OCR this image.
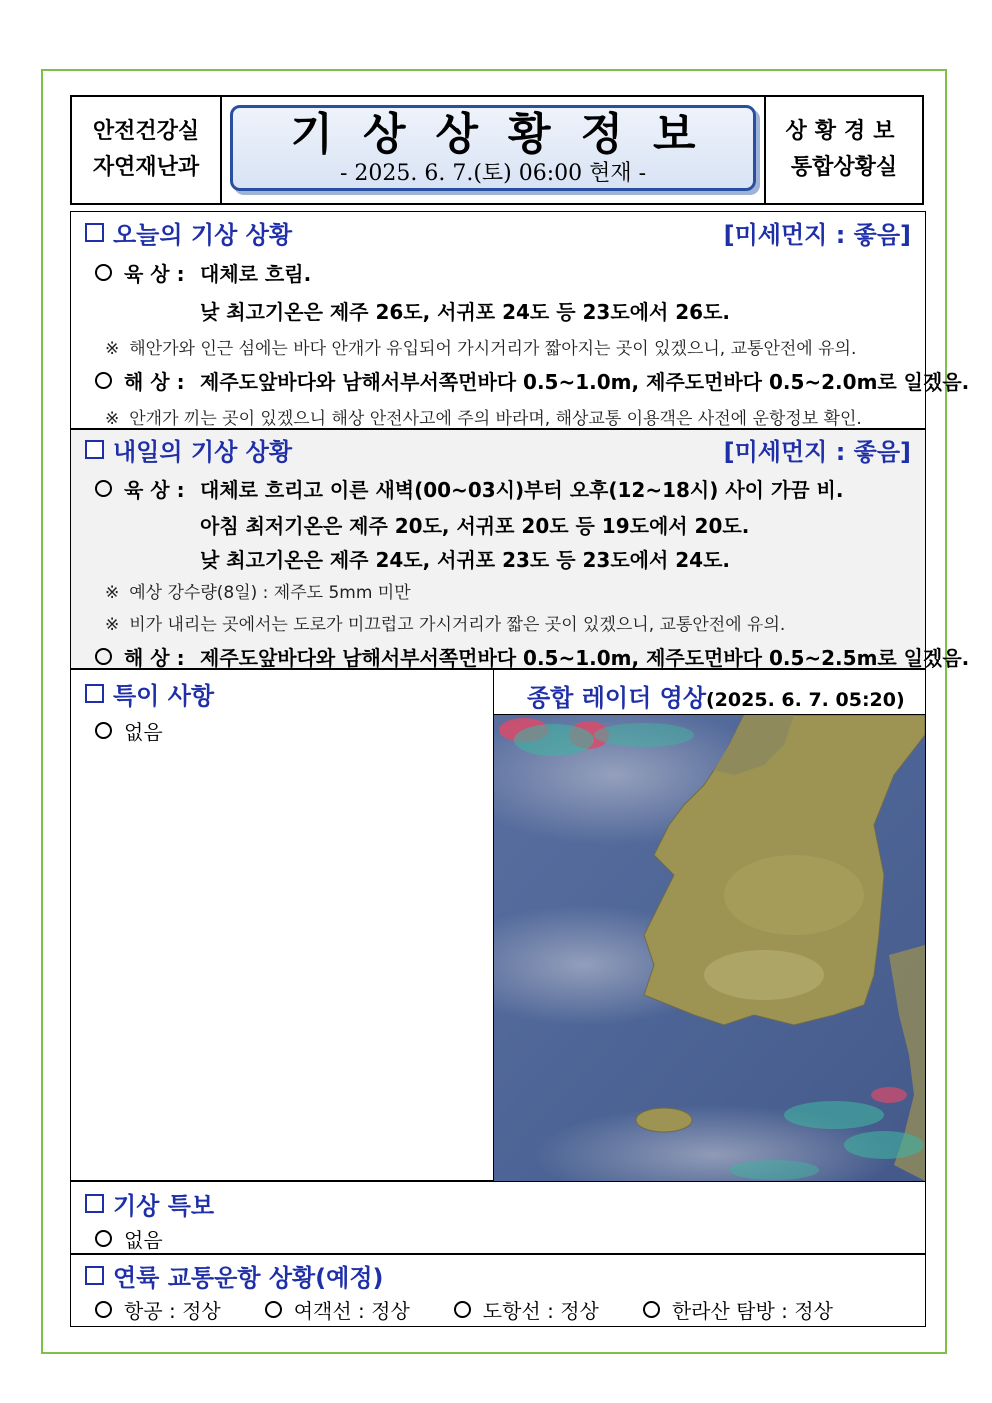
안전건강실
자연재난과
기상상황정보
- 2025. 6. 7.(토) 06:00 현재 -
상황경보
통합상황실
오늘의 기상 상황	[미세먼지 : 좋음]
육 상 : 대체로 흐림.
낮 최고기온은 제주 26도, 서귀포 24도 등 23도에서 26도.
※ 해안가와 인근 섬에는 바다 안개가 유입되어 가시거리가 짧아지는 곳이 있겠으니, 교통안전에 유의.
해 상 : 제주도앞바다와 남해서부서쪽먼바다 0.5~1.0m, 제주도먼바다 0.5~2.0m로 일겠음.
※ 안개가 끼는 곳이 있겠으니 해상 안전사고에 주의 바라며, 해상교통 이용객은 사전에 운항정보 확인.
내일의 기상 상황	[미세먼지 : 좋음]
육 상 : 대체로 흐리고 이른 새벽(00~03시)부터 오후(12~18시) 사이 가끔 비.
아침 최저기온은 제주 20도, 서귀포 20도 등 19도에서 20도.
낮 최고기온은 제주 24도, 서귀포 23도 등 23도에서 24도.
※ 예상 강수량(8일) : 제주도 5mm 미만
※ 비가 내리는 곳에서는 도로가 미끄럽고 가시거리가 짧은 곳이 있겠으니, 교통안전에 유의.
해 상 : 제주도앞바다와 남해서부서쪽먼바다 0.5~1.0m, 제주도먼바다 0.5~2.5m로 일겠음.
특이 사항
없음
종합 레이더 영상(2025. 6. 7. 05:20)
기상 특보
없음
연륙 교통운항 상황(예정)
항공 : 정상	여객선 : 정상	도항선 : 정상	한라산 탐방 : 정상
